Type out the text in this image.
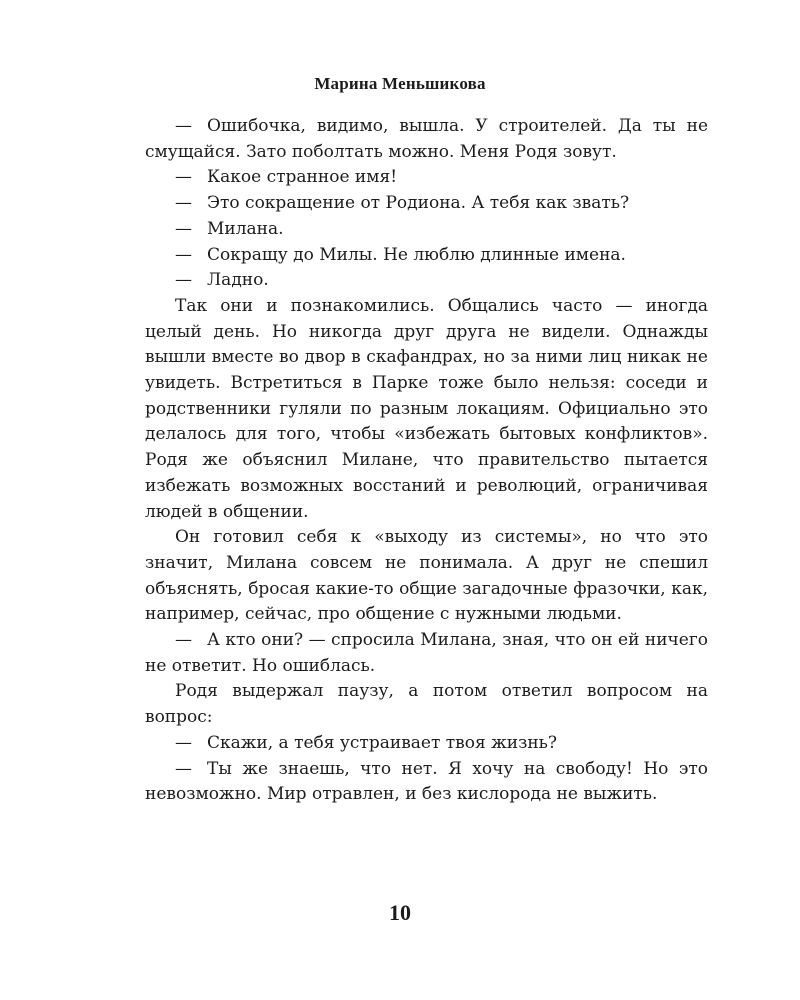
Марина Меньшикова

— Ошибочка, видимо, вышла. У строителей. Да ты не смущайся. Зато поболтать можно. Меня Родя зовут.

— Какое странное имя!

— Это сокращение от Родиона. А тебя как звать?

— Милана.

— Сокращу до Милы. Не люблю длинные имена.

— Ладно.

Так они и познакомились. Общались часто — иногда целый день. Но никогда друг друга не видели. Однажды вышли вместе во двор в скафандрах, но за ними лиц никак не увидеть. Встретиться в Парке тоже было нельзя: соседи и родственники гуляли по разным локациям. Официально это делалось для того, чтобы «избежать бытовых конфликтов». Родя же объяснил Милане, что правительство пытается избежать возможных восстаний и революций, ограничивая людей в общении.

Он готовил себя к «выходу из системы», но что это значит, Милана совсем не понимала. А друг не спешил объяснять, бросая какие-то общие загадочные фразочки, как, например, сейчас, про общение с нужными людьми.

— А кто они? — спросила Милана, зная, что он ей ничего не ответит. Но ошиблась.

Родя выдержал паузу, а потом ответил вопросом на вопрос:

— Скажи, а тебя устраивает твоя жизнь?

— Ты же знаешь, что нет. Я хочу на свободу! Но это невозможно. Мир отравлен, и без кислорода не выжить.

10
